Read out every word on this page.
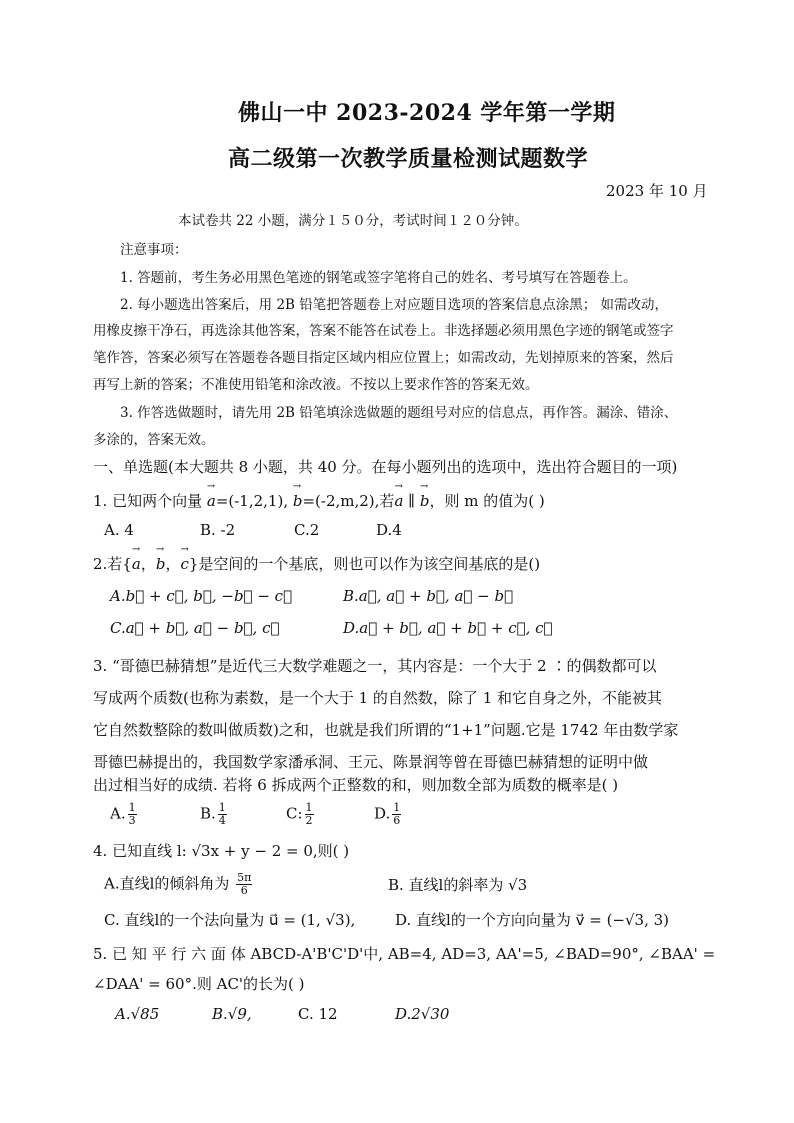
佛山一中 2023-2024 学年第一学期
高二级第一次教学质量检测试题数学
2023 年 10 月
本试卷共 22 小题，满分１５０分，考试时间１２０分钟。
注意事项：
1. 答题前，考生务必用黑色笔迹的钢笔或签字笔将自己的姓名、考号填写在答题卷上。
2. 每小题选出答案后，用 2B 铅笔把答题卷上对应题目选项的答案信息点涂黑； 如需改动，
用橡皮擦干净石，再选涂其他答案，答案不能答在试卷上。非选择题必须用黑色字迹的钢笔或签字
笔作答，答案必须写在答题卷各题目指定区域内相应位置上；如需改动，先划掉原来的答案，然后
再写上新的答案；不准使用铅笔和涂改液。不按以上要求作答的答案无效。
3. 作答选做题时，请先用 2B 铅笔填涂选做题的题组号对应的信息点，再作答。漏涂、错涂、
多涂的，答案无效。
一、单选题(本大题共 8 小题，共 40 分。在每小题列出的选项中，选出符合题目的一项)
1. 已知两个向量 → a=(-1,2,1), → b=(-2,m,2),若→ a ∥ → b，则 m 的值为( )
A. 4	B. -2	C.2	D.4
2.若{→ a，→ b，→ c}是空间的一个基底，则也可以作为该空间基底的是()
A.b⃗ + c⃗, b⃗, −b⃗ − c⃗	B.a⃗, a⃗ + b⃗, a⃗ − b⃗
C.a⃗ + b⃗, a⃗ − b⃗, c⃗	D.a⃗ + b⃗, a⃗ + b⃗ + c⃗, c⃗
3. “哥德巴赫猜想”是近代三大数学难题之一，其内容是：一个大于 2 ∶的偶数都可以
写成两个质数(也称为素数，是一个大于 1 的自然数，除了 1 和它自身之外，不能被其
它自然数整除的数叫做质数)之和，也就是我们所谓的“1+1”问题.它是 1742 年由数学家
哥德巴赫提出的，我国数学家潘承洞、王元、陈景润等曾在哥德巴赫猜想的证明中做
出过相当好的成绩. 若将 6 拆成两个正整数的和，则加数全部为质数的概率是( )
A. $\frac{1}{3}$	B. $\frac{1}{4}$	C: $\frac{1}{2}$	D. $\frac{1}{6}$
4. 已知直线 l: √3x + y − 2 = 0,则( )
A.直线l的倾斜角为 $\frac{5\pi}{6}$	B. 直线l的斜率为 √3
C. 直线l的一个法向量为 u⃗ = (1, √3),	D. 直线l的一个方向向量为 v⃗ = (−√3, 3)
5. 已 知 平 行 六 面 体 ABCD-A'B'C'D'中, AB=4, AD=3, AA'=5, ∠BAD=90°, ∠BAA' =
∠DAA' = 60°.则 AC'的长为( )
A.√85	B.√9,	C. 12	D.2√30
